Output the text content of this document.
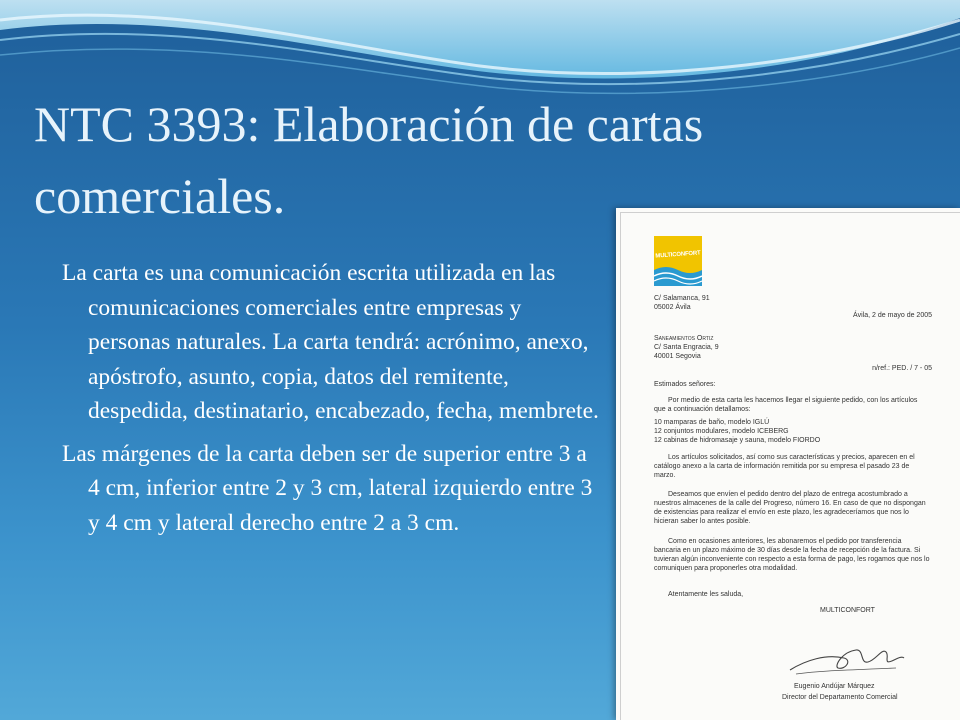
NTC 3393: Elaboración de cartas comerciales.

La carta es una comunicación escrita utilizada en las comunicaciones comerciales entre empresas y personas naturales. La carta tendrá: acrónimo, anexo, apóstrofo, asunto, copia, datos del remitente, despedida, destinatario, encabezado, fecha, membrete.

Las márgenes de la carta deben ser de superior entre 3 a 4 cm, inferior entre 2 y 3 cm, lateral izquierdo entre 3 y 4 cm y lateral derecho entre 2 a 3 cm.

MULTICONFORT

C/ Salamanca, 91

05002 Ávila

Ávila, 2 de mayo de 2005

Saneamientos Ortiz

C/ Santa Engracia, 9

40001 Segovia

n/ref.: PED. / 7 - 05

Estimados señores:

Por medio de esta carta les hacemos llegar el siguiente pedido, con los artículos que a continuación detallamos:

10 mamparas de baño, modelo IGLÚ
12 conjuntos modulares, modelo ICEBERG
12 cabinas de hidromasaje y sauna, modelo FIORDO

Los artículos solicitados, así como sus características y precios, aparecen en el catálogo anexo a la carta de información remitida por su empresa el pasado 23 de marzo.

Deseamos que envíen el pedido dentro del plazo de entrega acostumbrado a nuestros almacenes de la calle del Progreso, número 16. En caso de que no dispongan de existencias para realizar el envío en este plazo, les agradeceríamos que nos lo hicieran saber lo antes posible.

Como en ocasiones anteriores, les abonaremos el pedido por transferencia bancaria en un plazo máximo de 30 días desde la fecha de recepción de la factura. Si tuvieran algún inconveniente con respecto a esta forma de pago, les rogamos que nos lo comuniquen para proponerles otra modalidad.

Atentamente les saluda,

MULTICONFORT

Eugenio Andújar Márquez

Director del Departamento Comercial
